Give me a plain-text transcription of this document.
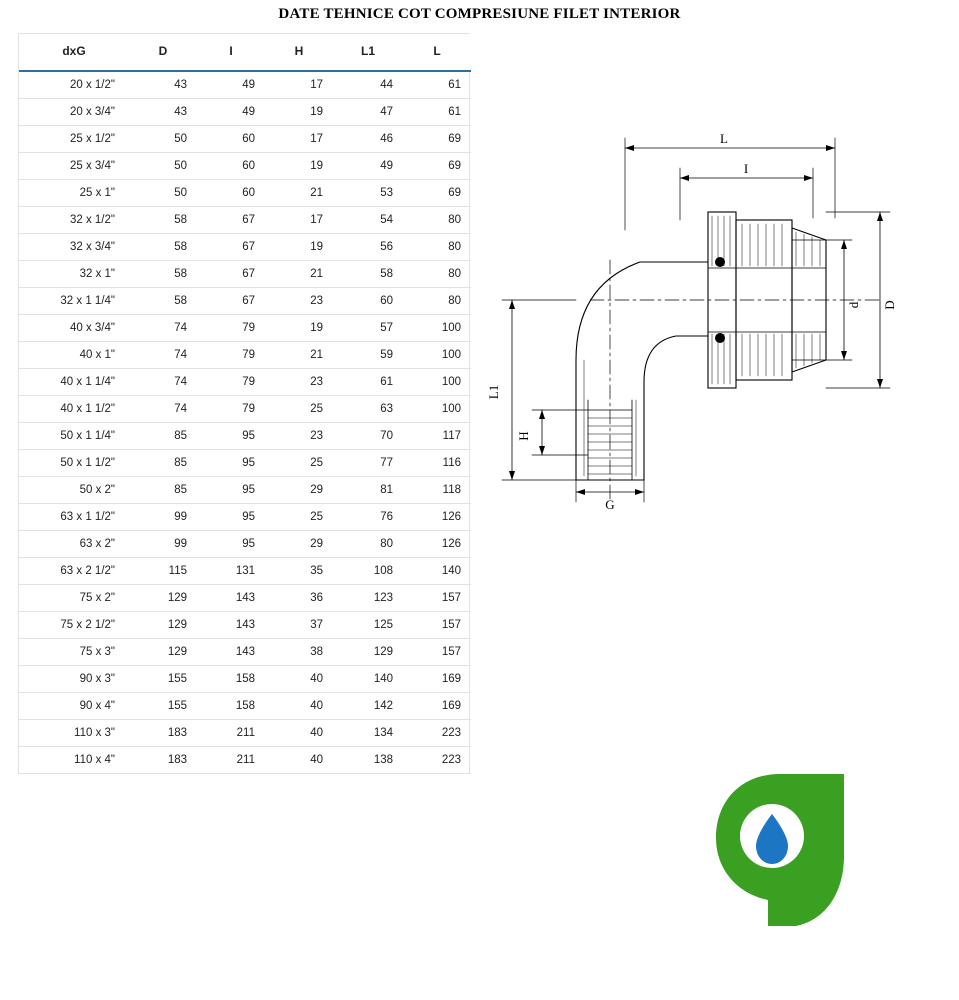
DATE TEHNICE COT COMPRESIUNE FILET INTERIOR
dxG	D	I	H	L1	L
20 x 1/2"	43	49	17	44	61
20 x 3/4"	43	49	19	47	61
25 x 1/2"	50	60	17	46	69
25 x 3/4"	50	60	19	49	69
25 x 1"	50	60	21	53	69
32 x 1/2"	58	67	17	54	80
32 x 3/4"	58	67	19	56	80
32 x 1"	58	67	21	58	80
32 x 1 1/4"	58	67	23	60	80
40 x 3/4"	74	79	19	57	100
40 x 1"	74	79	21	59	100
40 x 1 1/4"	74	79	23	61	100
40 x 1 1/2"	74	79	25	63	100
50 x 1 1/4"	85	95	23	70	117
50 x 1 1/2"	85	95	25	77	116
50 x 2"	85	95	29	81	118
63 x 1 1/2"	99	95	25	76	126
63 x 2"	99	95	29	80	126
63 x 2 1/2"	115	131	35	108	140
75 x 2"	129	143	36	123	157
75 x 2 1/2"	129	143	37	125	157
75 x 3"	129	143	38	129	157
90 x 3"	155	158	40	140	169
90 x 4"	155	158	40	142	169
110 x 3"	183	211	40	134	223
110 x 4"	183	211	40	138	223
L
I
D
d
L1
H
G
